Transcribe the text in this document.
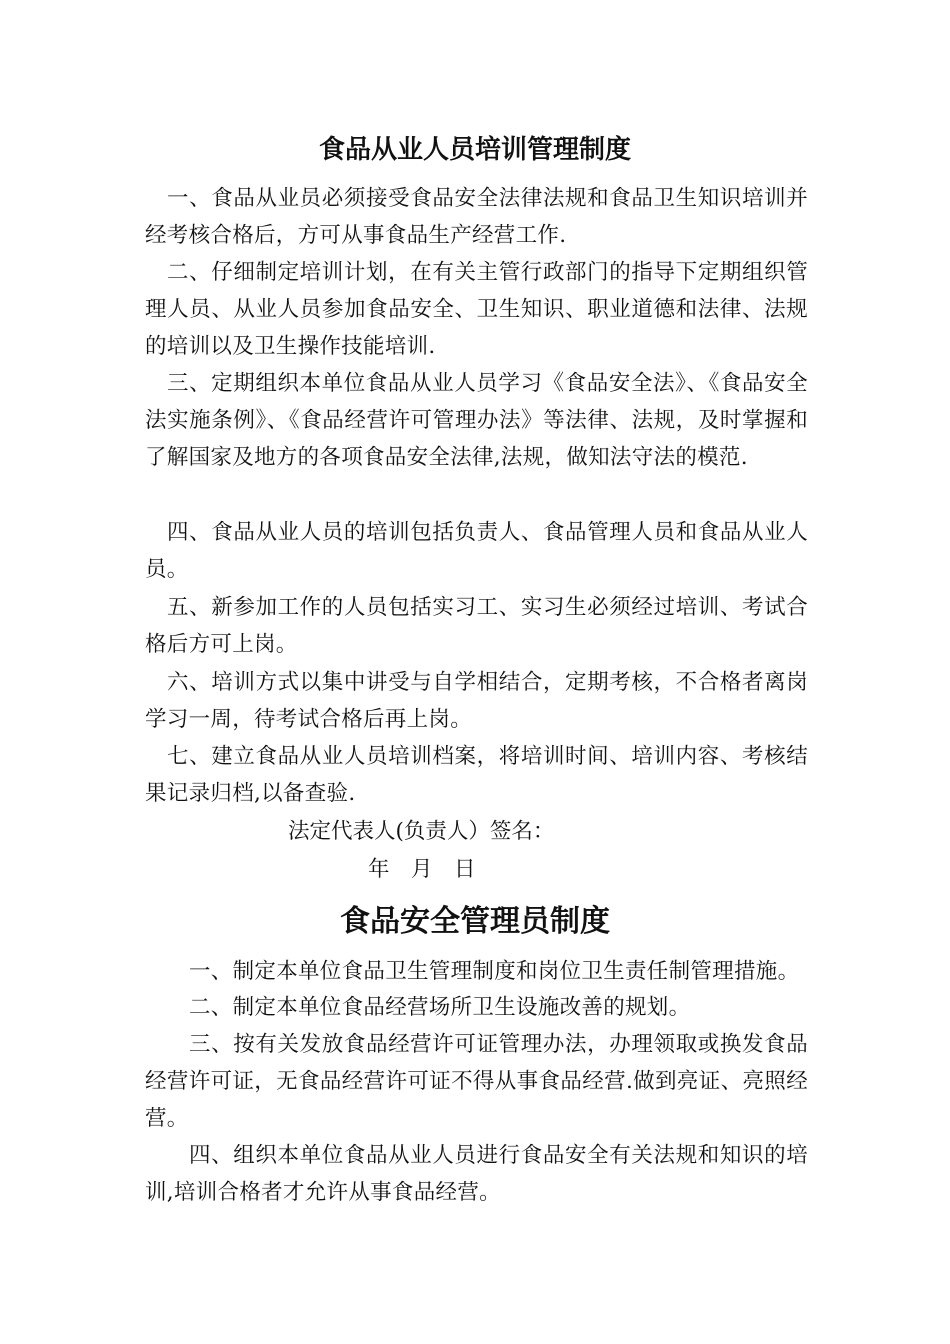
食品从业人员培训管理制度

一、食品从业员必须接受食品安全法律法规和食品卫生知识培训并经考核合格后，方可从事食品生产经营工作.

二、仔细制定培训计划，在有关主管行政部门的指导下定期组织管理人员、从业人员参加食品安全、卫生知识、职业道德和法律、法规的培训以及卫生操作技能培训.

三、定期组织本单位食品从业人员学习《食品安全法》、《食品安全法实施条例》、《食品经营许可管理办法》等法律、法规，及时掌握和了解国家及地方的各项食品安全法律,法规，做知法守法的模范.

四、食品从业人员的培训包括负责人、食品管理人员和食品从业人员。

五、新参加工作的人员包括实习工、实习生必须经过培训、考试合格后方可上岗。

六、培训方式以集中讲受与自学相结合，定期考核，不合格者离岗学习一周，待考试合格后再上岗。

七、建立食品从业人员培训档案，将培训时间、培训内容、考核结果记录归档,以备查验.

法定代表人(负责人）签名：

年　月　日

食品安全管理员制度

一、制定本单位食品卫生管理制度和岗位卫生责任制管理措施。

二、制定本单位食品经营场所卫生设施改善的规划。

三、按有关发放食品经营许可证管理办法，办理领取或换发食品经营许可证，无食品经营许可证不得从事食品经营.做到亮证、亮照经营。

四、组织本单位食品从业人员进行食品安全有关法规和知识的培训,培训合格者才允许从事食品经营。
